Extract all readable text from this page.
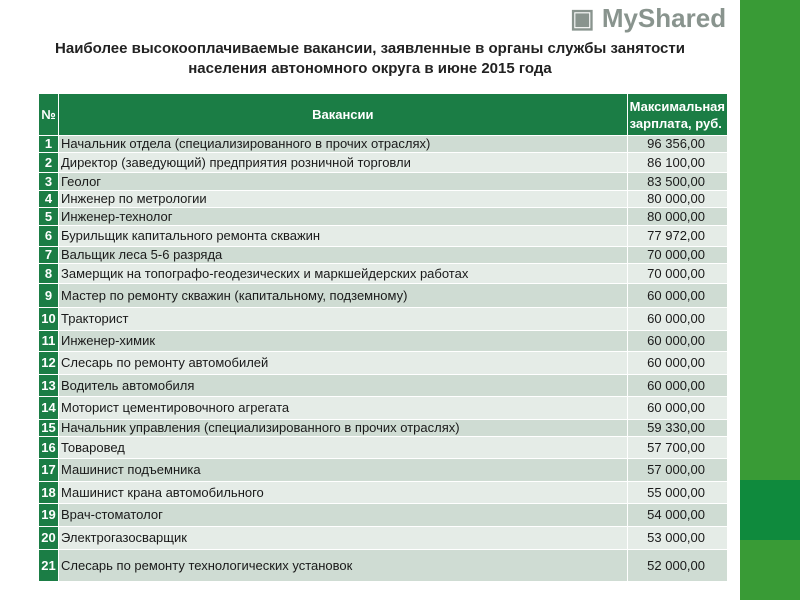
Наиболее высокооплачиваемые вакансии, заявленные в органы службы занятости
населения автономного округа в июне 2015 года
№	Вакансии	Максимальная зарплата, руб.
1	Начальник отдела (специализированного в прочих отраслях)	96 356,00
2	Директор (заведующий) предприятия розничной торговли	86 100,00
3	Геолог	83 500,00
4	Инженер по метрологии	80 000,00
5	Инженер-технолог	80 000,00
6	Бурильщик капитального ремонта скважин	77 972,00
7	Вальщик леса 5-6 разряда	70 000,00
8	Замерщик на топографо-геодезических и маркшейдерских работах	70 000,00
9	Мастер по ремонту скважин (капитальному, подземному)	60 000,00
10	Тракторист	60 000,00
11	Инженер-химик	60 000,00
12	Слесарь по ремонту автомобилей	60 000,00
13	Водитель автомобиля	60 000,00
14	Моторист цементировочного агрегата	60 000,00
15	Начальник управления (специализированного в прочих отраслях)	59 330,00
16	Товаровед	57 700,00
17	Машинист подъемника	57 000,00
18	Машинист крана автомобильного	55 000,00
19	Врач-стоматолог	54 000,00
20	Электрогазосварщик	53 000,00
21	Слесарь по ремонту технологических установок	52 000,00
▣ MyShared
